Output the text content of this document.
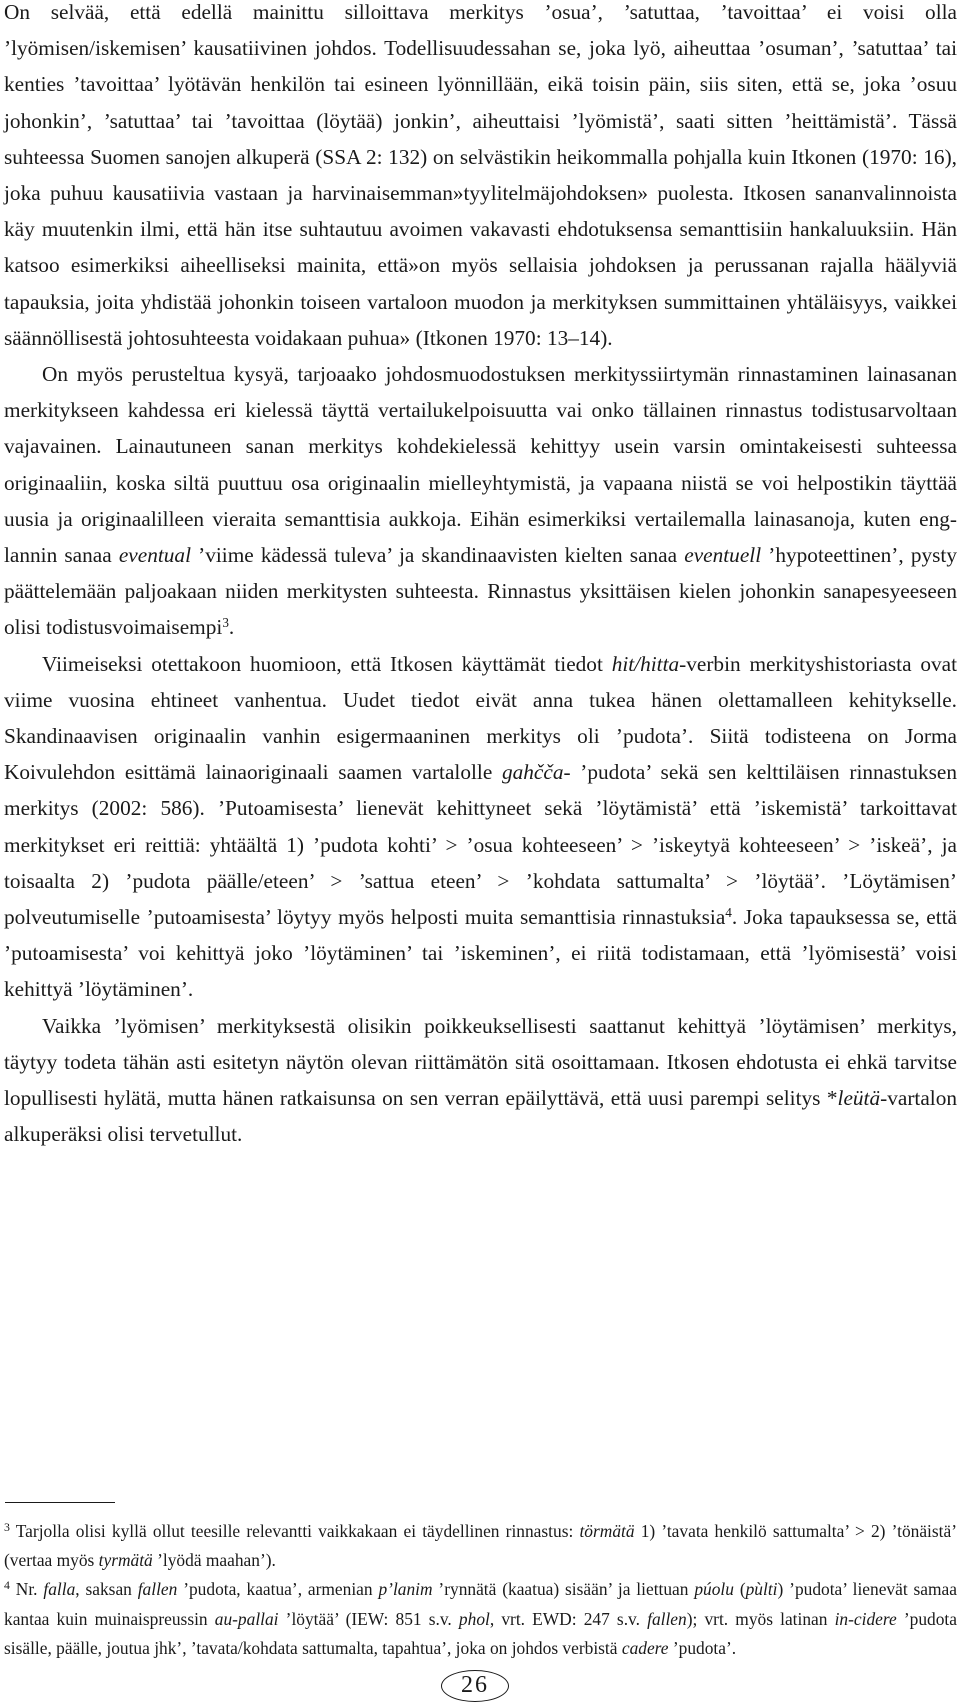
On selvää, että edellä mainittu silloittava merkitys ’osua’, ’satuttaa, ’tavoittaa’ ei voisi olla ’lyömisen/iskemisen’ kausatiivinen johdos. Todellisuudessahan se, joka lyö, aiheuttaa ’osuman’, ’satuttaa’ tai kenties ’tavoittaa’ lyötävän henkilön tai esineen lyönnillään, eikä toisin päin, siis siten, että se, joka ’osuu johonkin’, ’satuttaa’ tai ’tavoittaa (löytää) jonkin’, aiheuttaisi ’lyömistä’, saati sitten ’heittämistä’. Tässä suhteessa Suomen sanojen alkuperä (SSA 2: 132) on selvästikin heikommalla pohjalla kuin Itkonen (1970: 16), joka puhuu kausatiivia vastaan ja harvinaisemman»tyylitelmäjohdoksen» puolesta. Itkosen sananvalinnoista käy muutenkin ilmi, että hän itse suhtautuu avoimen vakavasti ehdotuksensa semanttisiin hankaluuksiin. Hän katsoo esimerkiksi aiheelliseksi mainita, että»on myös sellaisia johdoksen ja perussanan rajalla häälyviä tapauksia, joita yhdistää johonkin toiseen vartaloon muodon ja merkityksen summittainen yhtäläisyys, vaikkei säännöllisestä johtosuhteesta voidakaan puhua» (Itkonen 1970: 13–14).

On myös perusteltua kysyä, tarjoaako johdosmuodostuksen merkityssiirtymän rinnastaminen lainasanan merkitykseen kahdessa eri kielessä täyttä vertailukelpoisuutta vai onko tällainen rinnastus todistusarvoltaan vajavainen. Lainautuneen sanan merkitys kohdekielessä kehittyy usein varsin omintakeisesti suhteessa originaaliin, koska siltä puuttuu osa originaalin mielleyhtymistä, ja vapaana niistä se voi helpostikin täyttää uusia ja originaalilleen vieraita semanttisia aukkoja. Eihän esimerkiksi vertailemalla lainasanoja, kuten englannin sanaa eventual ’viime kädessä tuleva’ ja skandinaavisten kielten sanaa eventuell ’hypoteettinen’, pysty päättelemään paljoakaan niiden merkitysten suhteesta. Rinnastus yksittäisen kielen johonkin sanapesyeeseen olisi todistusvoimaisempi$^3$.

Viimeiseksi otettakoon huomioon, että Itkosen käyttämät tiedot hit/hitta-verbin merkityshistoriasta ovat viime vuosina ehtineet vanhentua. Uudet tiedot eivät anna tukea hänen olettamalleen kehitykselle. Skandinaavisen originaalin vanhin esigermaaninen merkitys oli ’pudota’. Siitä todisteena on Jorma Koivulehdon esittämä lainaoriginaali saamen vartalolle gahčča- ’pudota’ sekä sen kelttiläisen rinnastuksen merkitys (2002: 586). ’Putoamisesta’ lienevät kehittyneet sekä ’löytämistä’ että ’iskemistä’ tarkoittavat merkitykset eri reittiä: yhtäältä 1) ’pudota kohti’ > ’osua kohteeseen’ > ’iskeytyä kohteeseen’ > ’iskeä’, ja toisaalta 2) ’pudota päälle/eteen’ > ’sattua eteen’ > ’kohdata sattumalta’ > ’löytää’. ’Löytämisen’ polveutumiselle ’putoamisesta’ löytyy myös helposti muita semanttisia rinnastuksia$^4$. Joka tapauksessa se, että ’putoamisesta’ voi kehittyä joko ’löytäminen’ tai ’iskeminen’, ei riitä todistamaan, että ’lyömisestä’ voisi kehittyä ’löytäminen’.

Vaikka ’lyömisen’ merkityksestä olisikin poikkeuksellisesti saattanut kehittyä ’löytämisen’ merkitys, täytyy todeta tähän asti esitetyn näytön olevan riittämätön sitä osoittamaan. Itkosen ehdotusta ei ehkä tarvitse lopullisesti hylätä, mutta hänen ratkaisunsa on sen verran epäilyttävä, että uusi parempi selitys *leütä-vartalon alkuperäksi olisi tervetullut.

$^3$ Tarjolla olisi kyllä ollut teesille relevantti vaikkakaan ei täydellinen rinnastus: törmätä 1) ’tavata henkilö sattumalta’ > 2) ’tönäistä’ (vertaa myös tyrmätä ’lyödä maahan’).

$^4$ Nr. falla, saksan fallen ’pudota, kaatua’, armenian p’lanim ’rynnätä (kaatua) sisään’ ja liettuan púolu (pùlti) ’pudota’ lienevät samaa kantaa kuin muinaispreussin au-pallai ’löytää’ (IEW: 851 s.v. phol, vrt. EWD: 247 s.v. fallen); vrt. myös latinan in-cidere ’pudota sisälle, päälle, joutua jhk’, ’tavata/kohdata sattumalta, tapahtua’, joka on johdos verbistä cadere ’pudota’.

26
